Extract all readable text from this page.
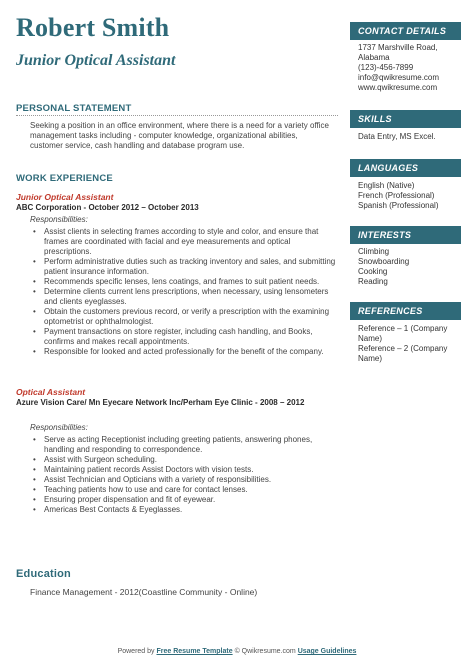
Robert Smith
Junior Optical Assistant
PERSONAL STATEMENT
Seeking a position in an office environment, where there is a need for a variety office management tasks including - computer knowledge, organizational abilities, customer service, cash handling and database program use.
WORK EXPERIENCE
Junior Optical Assistant
ABC Corporation - October 2012 – October 2013
Responsibilities:
• Assist clients in selecting frames according to style and color, and ensure that frames are coordinated with facial and eye measurements and optical prescriptions.
• Perform administrative duties such as tracking inventory and sales, and submitting patient insurance information.
• Recommends specific lenses, lens coatings, and frames to suit patient needs.
• Determine clients current lens prescriptions, when necessary, using lensometers and clients eyeglasses.
• Obtain the customers previous record, or verify a prescription with the examining optometrist or ophthalmologist.
• Payment transactions on store register, including cash handling, and Books, confirms and makes recall appointments.
• Responsible for looked and acted professionally for the benefit of the company.
Optical Assistant
Azure Vision Care/ Mn Eyecare Network Inc/Perham Eye Clinic - 2008 – 2012
Responsibilities:
• Serve as acting Receptionist including greeting patients, answering phones, handling and responding to correspondence.
• Assist with Surgeon scheduling.
• Maintaining patient records Assist Doctors with vision tests.
• Assist Technician and Opticians with a variety of responsibilities.
• Teaching patients how to use and care for contact lenses.
• Ensuring proper dispensation and fit of eyewear.
• Americas Best Contacts & Eyeglasses.
Education
Finance Management - 2012(Coastline Community - Online)
CONTACT DETAILS
1737 Marshville Road,
Alabama
(123)-456-7899
info@qwikresume.com
www.qwikresume.com
SKILLS
Data Entry, MS Excel.
LANGUAGES
English (Native)
French (Professional)
Spanish (Professional)
INTERESTS
Climbing
Snowboarding
Cooking
Reading
REFERENCES
Reference – 1 (Company Name)
Reference – 2 (Company Name)
Powered by Free Resume Template © Qwikresume.com Usage Guidelines
